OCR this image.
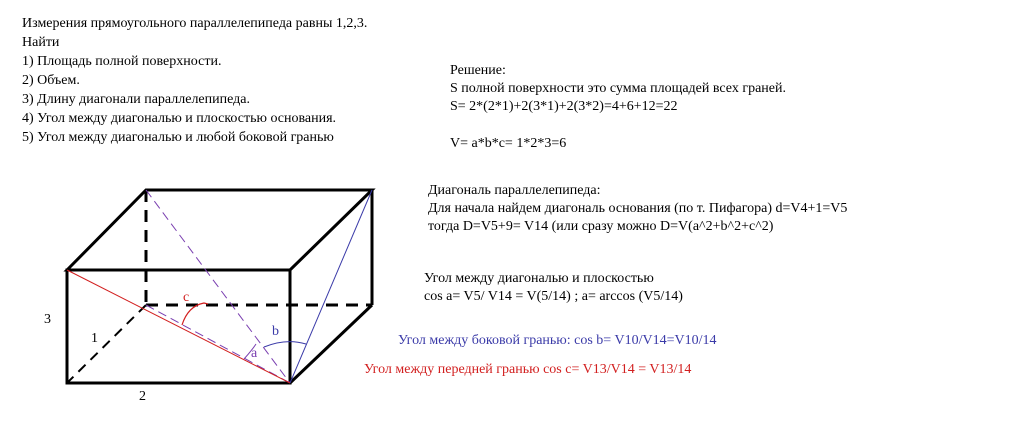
Измерения прямоугольного параллелепипеда равны 1,2,3.
Найти
1) Площадь полной поверхности.
2) Объем.
3) Длину диагонали параллелепипеда.
4) Угол между диагональю и плоскостью основания.
5) Угол между диагональю и любой боковой гранью
Решение:
S полной поверхности это сумма площадей всех граней.
S= 2*(2*1)+2(3*1)+2(3*2)=4+6+12=22
V= a*b*c= 1*2*3=6
Диагональ параллелепипеда:
Для начала найдем диагональ основания (по т. Пифагора) d=V4+1=V5
тогда D=V5+9= V14 (или сразу можно D=V(a^2+b^2+c^2)
Угол между диагональю и плоскостью
cos a= V5/ V14 = V(5/14) ; a= arccos (V5/14)
Угол между боковой гранью: cos b= V10/V14=V10/14
Угол между передней гранью cos c= V13/V14 = V13/14
3
1
2
a
b
c
